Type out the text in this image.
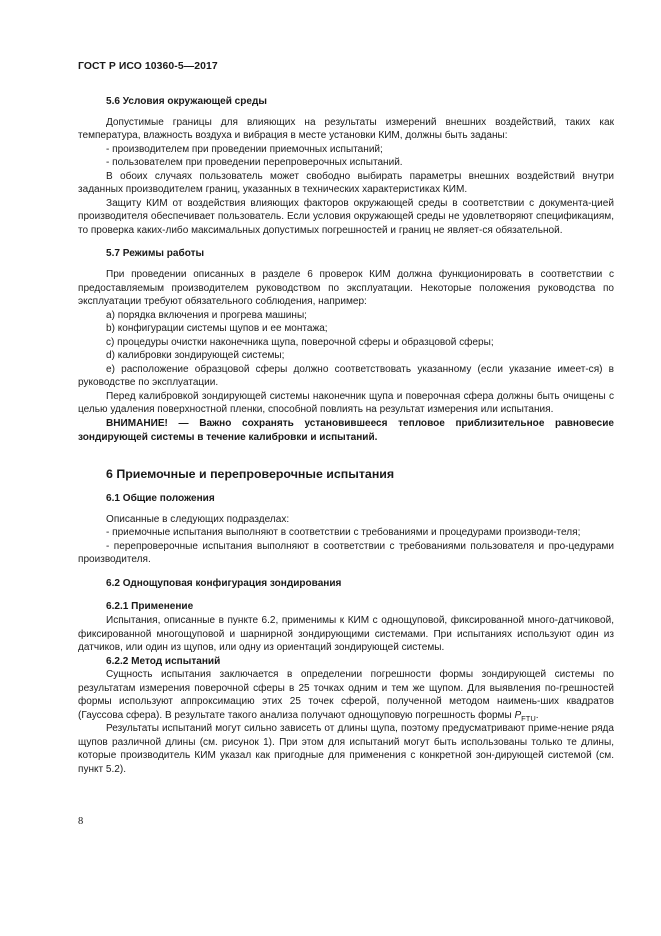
ГОСТ Р ИСО 10360-5—2017

5.6 Условия окружающей среды

Допустимые границы для влияющих на результаты измерений внешних воздействий, таких как температура, влажность воздуха и вибрация в месте установки КИМ, должны быть заданы:

- производителем при проведении приемочных испытаний;

- пользователем при проведении перепроверочных испытаний.

В обоих случаях пользователь может свободно выбирать параметры внешних воздействий внутри заданных производителем границ, указанных в технических характеристиках КИМ.

Защиту КИМ от воздействия влияющих факторов окружающей среды в соответствии с документа-цией производителя обеспечивает пользователь. Если условия окружающей среды не удовлетворяют спецификациям, то проверка каких-либо максимальных допустимых погрешностей и границ не являет-ся обязательной.

5.7 Режимы работы

При проведении описанных в разделе 6 проверок КИМ должна функционировать в соответствии с предоставляемым производителем руководством по эксплуатации. Некоторые положения руководства по эксплуатации требуют обязательного соблюдения, например:

a) порядка включения и прогрева машины;

b) конфигурации системы щупов и ее монтажа;

c) процедуры очистки наконечника щупа, поверочной сферы и образцовой сферы;

d) калибровки зондирующей системы;

e) расположение образцовой сферы должно соответствовать указанному (если указание имеет-ся) в руководстве по эксплуатации.

Перед калибровкой зондирующей системы наконечник щупа и поверочная сфера должны быть очищены с целью удаления поверхностной пленки, способной повлиять на результат измерения или испытания.

ВНИМАНИЕ! — Важно сохранять установившееся тепловое приблизительное равновесие зондирующей системы в течение калибровки и испытаний.

6 Приемочные и перепроверочные испытания

6.1 Общие положения

Описанные в следующих подразделах:

- приемочные испытания выполняют в соответствии с требованиями и процедурами производи-теля;

- перепроверочные испытания выполняют в соответствии с требованиями пользователя и про-цедурами производителя.

6.2 Однощуповая конфигурация зондирования

6.2.1 Применение

Испытания, описанные в пункте 6.2, применимы к КИМ с однощуповой, фиксированной много-датчиковой, фиксированной многощуповой и шарнирной зондирующими системами. При испытаниях используют один из датчиков, или один из щупов, или одну из ориентаций зондирующей системы.

6.2.2 Метод испытаний

Сущность испытания заключается в определении погрешности формы зондирующей системы по результатам измерения поверочной сферы в 25 точках одним и тем же щупом. Для выявления по-грешностей формы используют аппроксимацию этих 25 точек сферой, полученной методом наимень-ших квадратов (Гауссова сфера). В результате такого анализа получают однощуповую погрешность формы $P_{FTU}$.

Результаты испытаний могут сильно зависеть от длины щупа, поэтому предусматривают приме-нение ряда щупов различной длины (см. рисунок 1). При этом для испытаний могут быть использованы только те длины, которые производитель КИМ указал как пригодные для применения с конкретной зон-дирующей системой (см. пункт 5.2).

8
